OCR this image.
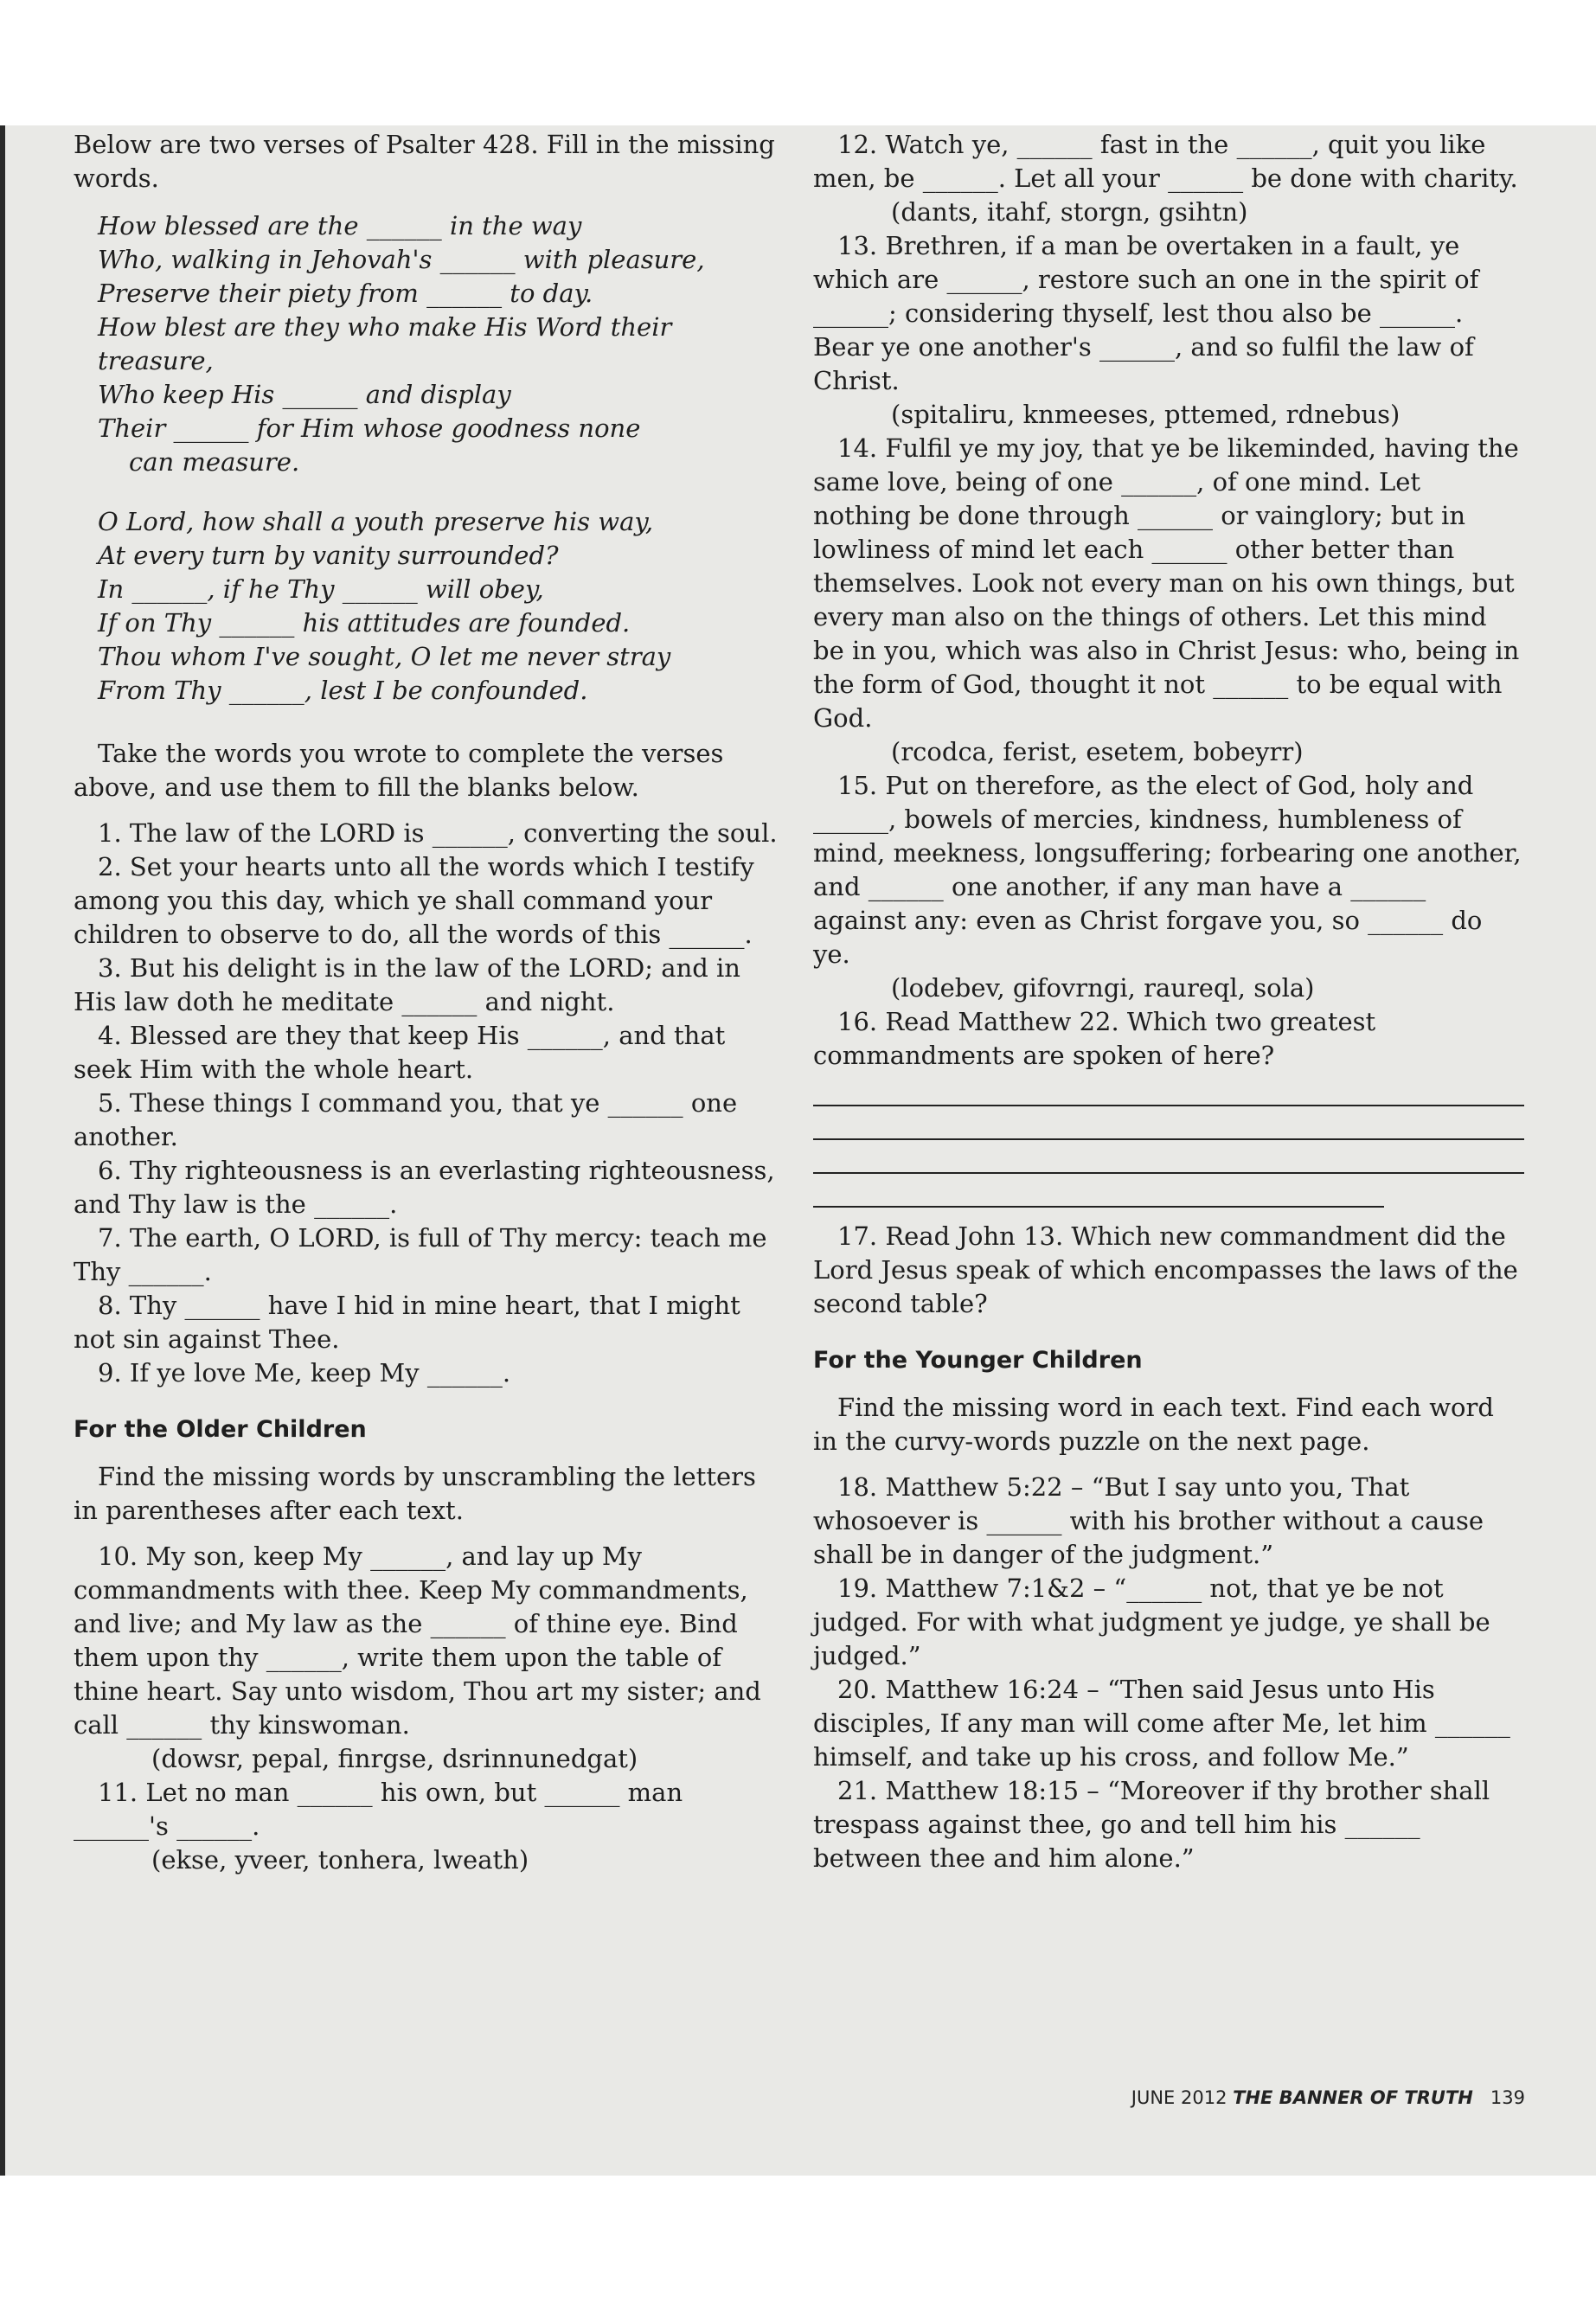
Below are two verses of Psalter 428. Fill in the missing words.

How blessed are the ______ in the way
Who, walking in Jehovah's ______ with pleasure,
Preserve their piety from ______ to day.
How blest are they who make His Word their treasure,
Who keep His ______ and display
Their ______ for Him whose goodness none
can measure.
O Lord, how shall a youth preserve his way,
At every turn by vanity surrounded?
In ______, if he Thy ______ will obey,
If on Thy ______ his attitudes are founded.
Thou whom I've sought, O let me never stray
From Thy ______, lest I be confounded.

Take the words you wrote to complete the verses above, and use them to fill the blanks below.

1. The law of the LORD is ______, converting the soul.

2. Set your hearts unto all the words which I testify among you this day, which ye shall command your children to observe to do, all the words of this ______.

3. But his delight is in the law of the LORD; and in His law doth he meditate ______ and night.

4. Blessed are they that keep His ______, and that seek Him with the whole heart.

5. These things I command you, that ye ______ one another.

6. Thy righteousness is an everlasting righteousness, and Thy law is the ______.

7. The earth, O LORD, is full of Thy mercy: teach me Thy ______.

8. Thy ______ have I hid in mine heart, that I might not sin against Thee.

9. If ye love Me, keep My ______.

For the Older Children

Find the missing words by unscrambling the letters in parentheses after each text.

10. My son, keep My ______, and lay up My commandments with thee. Keep My commandments, and live; and My law as the ______ of thine eye. Bind them upon thy ______, write them upon the table of thine heart. Say unto wisdom, Thou art my sister; and call ______ thy kinswoman.

(dowsr, pepal, finrgse, dsrinnunedgat)

11. Let no man ______ his own, but ______ man ______'s ______.

(ekse, yveer, tonhera, lweath)

12. Watch ye, ______ fast in the ______, quit you like men, be ______. Let all your ______ be done with charity.

(dants, itahf, storgn, gsihtn)

13. Brethren, if a man be overtaken in a fault, ye which are ______, restore such an one in the spirit of ______; considering thyself, lest thou also be ______. Bear ye one another's ______, and so fulfil the law of Christ.

(spitaliru, knmeeses, pttemed, rdnebus)

14. Fulfil ye my joy, that ye be likeminded, having the same love, being of one ______, of one mind. Let nothing be done through ______ or vainglory; but in lowliness of mind let each ______ other better than themselves. Look not every man on his own things, but every man also on the things of others. Let this mind be in you, which was also in Christ Jesus: who, being in the form of God, thought it not ______ to be equal with God.

(rcodca, ferist, esetem, bobeyrr)

15. Put on therefore, as the elect of God, holy and ______, bowels of mercies, kindness, humbleness of mind, meekness, longsuffering; forbearing one another, and ______ one another, if any man have a ______ against any: even as Christ forgave you, so ______ do ye.

(lodebev, gifovrngi, raureql, sola)

16. Read Matthew 22. Which two greatest commandments are spoken of here?

17. Read John 13. Which new commandment did the Lord Jesus speak of which encompasses the laws of the second table?

For the Younger Children

Find the missing word in each text. Find each word in the curvy-words puzzle on the next page.

18. Matthew 5:22 – “But I say unto you, That whosoever is ______ with his brother without a cause shall be in danger of the judgment.”

19. Matthew 7:1&2 – “______ not, that ye be not judged. For with what judgment ye judge, ye shall be judged.”

20. Matthew 16:24 – “Then said Jesus unto His disciples, If any man will come after Me, let him ______ himself, and take up his cross, and follow Me.”

21. Matthew 18:15 – “Moreover if thy brother shall trespass against thee, go and tell him his ______ between thee and him alone.”

JUNE 2012 THE BANNER OF TRUTH 139
